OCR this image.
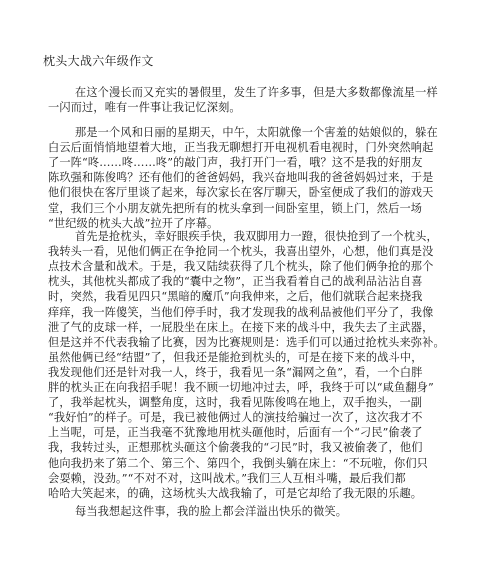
枕头大战六年级作文
在这个漫长而又充实的暑假里，发生了许多事，但是大多数都像流星一样
一闪而过，唯有一件事让我记忆深刻。
那是一个风和日丽的星期天，中午，太阳就像一个害羞的姑娘似的，躲在
白云后面悄悄地望着大地，正当我无聊想打开电视机看电视时，门外突然响起
了一阵“咚……咚……咚”的敲门声，我打开门一看，哦？这不是我的好朋友
陈玖强和陈俊鸣？还有他们的爸爸妈妈，我兴奋地叫我的爸爸妈妈过来，于是
他们很快在客厅里谈了起来，每次家长在客厅聊天，卧室便成了我们的游戏天
堂，我们三个小朋友就先把所有的枕头拿到一间卧室里，锁上门，然后一场
“世纪级的枕头大战”拉开了序幕。
首先是抢枕头，幸好眼疾手快，我双脚用力一蹬，很快抢到了一个枕头，
我转头一看，见他们俩正在争抢同一个枕头，我喜出望外，心想，他们真是没
点技术含量和战术。于是，我又陆续获得了几个枕头，除了他们俩争抢的那个
枕头，其他枕头都成了我的“囊中之物”，正当我看着自己的战利品沾沾自喜
时，突然，我看见四只“黑暗的魔爪”向我伸来，之后，他们就联合起来挠我
痒痒，我一阵傻笑，当他们停手时，我才发现我的战利品被他们平分了，我像
泄了气的皮球一样，一屁股坐在床上。在接下来的战斗中，我失去了主武器，
但是这并不代表我输了比赛，因为比赛规则是：选手们可以通过抢枕头来弥补。
虽然他俩已经“结盟”了，但我还是能抢到枕头的，可是在接下来的战斗中，
我发现他们还是针对我一人，终于，我看见一条“漏网之鱼”，看，一个白胖
胖的枕头正在向我招手呢！我不顾一切地冲过去，呼，我终于可以“咸鱼翻身”
了，我举起枕头，调整角度，这时，我看见陈俊鸣在地上，双手抱头，一副
“我好怕”的样子。可是，我已被他俩过人的演技给骗过一次了，这次我才不
上当呢，可是，正当我毫不犹豫地用枕头砸他时，后面有一个“刁民”偷袭了
我，我转过头，正想那枕头砸这个偷袭我的“刁民”时，我又被偷袭了，他们
他向我扔来了第二个、第三个、第四个，我倒头躺在床上：“不玩啦，你们只
会耍赖，没劲。”“不对不对，这叫战术。”我们三人互相斗嘴，最后我们都
哈哈大笑起来，的确，这场枕头大战我输了，可是它却给了我无限的乐趣。
每当我想起这件事，我的脸上都会洋溢出快乐的微笑。
